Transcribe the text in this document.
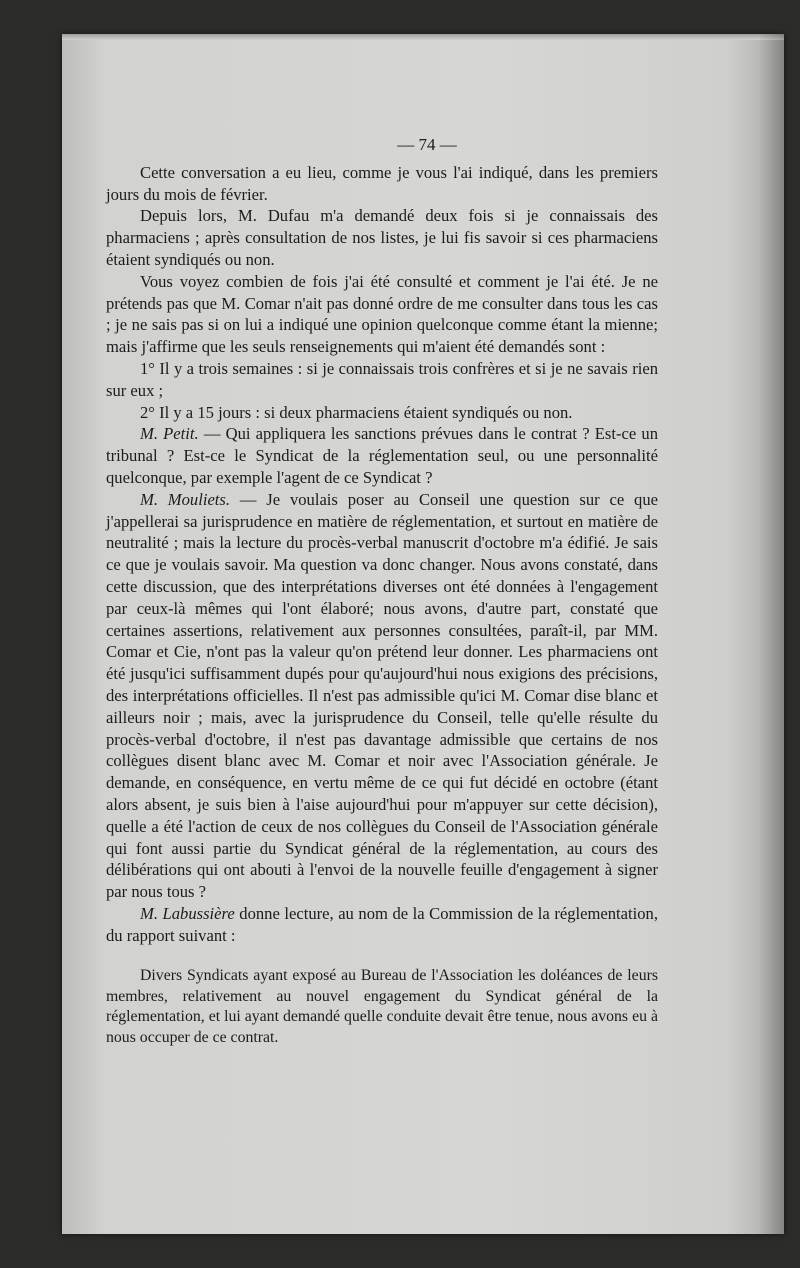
— 74 —

Cette conversation a eu lieu, comme je vous l'ai indiqué, dans les premiers jours du mois de février.

Depuis lors, M. Dufau m'a demandé deux fois si je connaissais des pharmaciens ; après consultation de nos listes, je lui fis savoir si ces pharmaciens étaient syndiqués ou non.

Vous voyez combien de fois j'ai été consulté et comment je l'ai été. Je ne prétends pas que M. Comar n'ait pas donné ordre de me consulter dans tous les cas ; je ne sais pas si on lui a indiqué une opinion quelconque comme étant la mienne; mais j'affirme que les seuls renseignements qui m'aient été demandés sont :

1° Il y a trois semaines : si je connaissais trois confrères et si je ne savais rien sur eux ;

2° Il y a 15 jours : si deux pharmaciens étaient syndiqués ou non.

M. Petit. — Qui appliquera les sanctions prévues dans le contrat ? Est-ce un tribunal ? Est-ce le Syndicat de la réglementation seul, ou une personnalité quelconque, par exemple l'agent de ce Syndicat ?

M. Mouliets. — Je voulais poser au Conseil une question sur ce que j'appellerai sa jurisprudence en matière de réglementation, et surtout en matière de neutralité ; mais la lecture du procès-verbal manuscrit d'octobre m'a édifié. Je sais ce que je voulais savoir. Ma question va donc changer. Nous avons constaté, dans cette discussion, que des interprétations diverses ont été données à l'engagement par ceux-là mêmes qui l'ont élaboré; nous avons, d'autre part, constaté que certaines assertions, relativement aux personnes consultées, paraît-il, par MM. Comar et Cie, n'ont pas la valeur qu'on prétend leur donner. Les pharmaciens ont été jusqu'ici suffisamment dupés pour qu'aujourd'hui nous exigions des précisions, des interprétations officielles. Il n'est pas admissible qu'ici M. Comar dise blanc et ailleurs noir ; mais, avec la jurisprudence du Conseil, telle qu'elle résulte du procès-verbal d'octobre, il n'est pas davantage admissible que certains de nos collègues disent blanc avec M. Comar et noir avec l'Association générale. Je demande, en conséquence, en vertu même de ce qui fut décidé en octobre (étant alors absent, je suis bien à l'aise aujourd'hui pour m'appuyer sur cette décision), quelle a été l'action de ceux de nos collègues du Conseil de l'Association générale qui font aussi partie du Syndicat général de la réglementation, au cours des délibérations qui ont abouti à l'envoi de la nouvelle feuille d'engagement à signer par nous tous ?

M. Labussière donne lecture, au nom de la Commission de la réglementation, du rapport suivant :

Divers Syndicats ayant exposé au Bureau de l'Association les doléances de leurs membres, relativement au nouvel engagement du Syndicat général de la réglementation, et lui ayant demandé quelle conduite devait être tenue, nous avons eu à nous occuper de ce contrat.
